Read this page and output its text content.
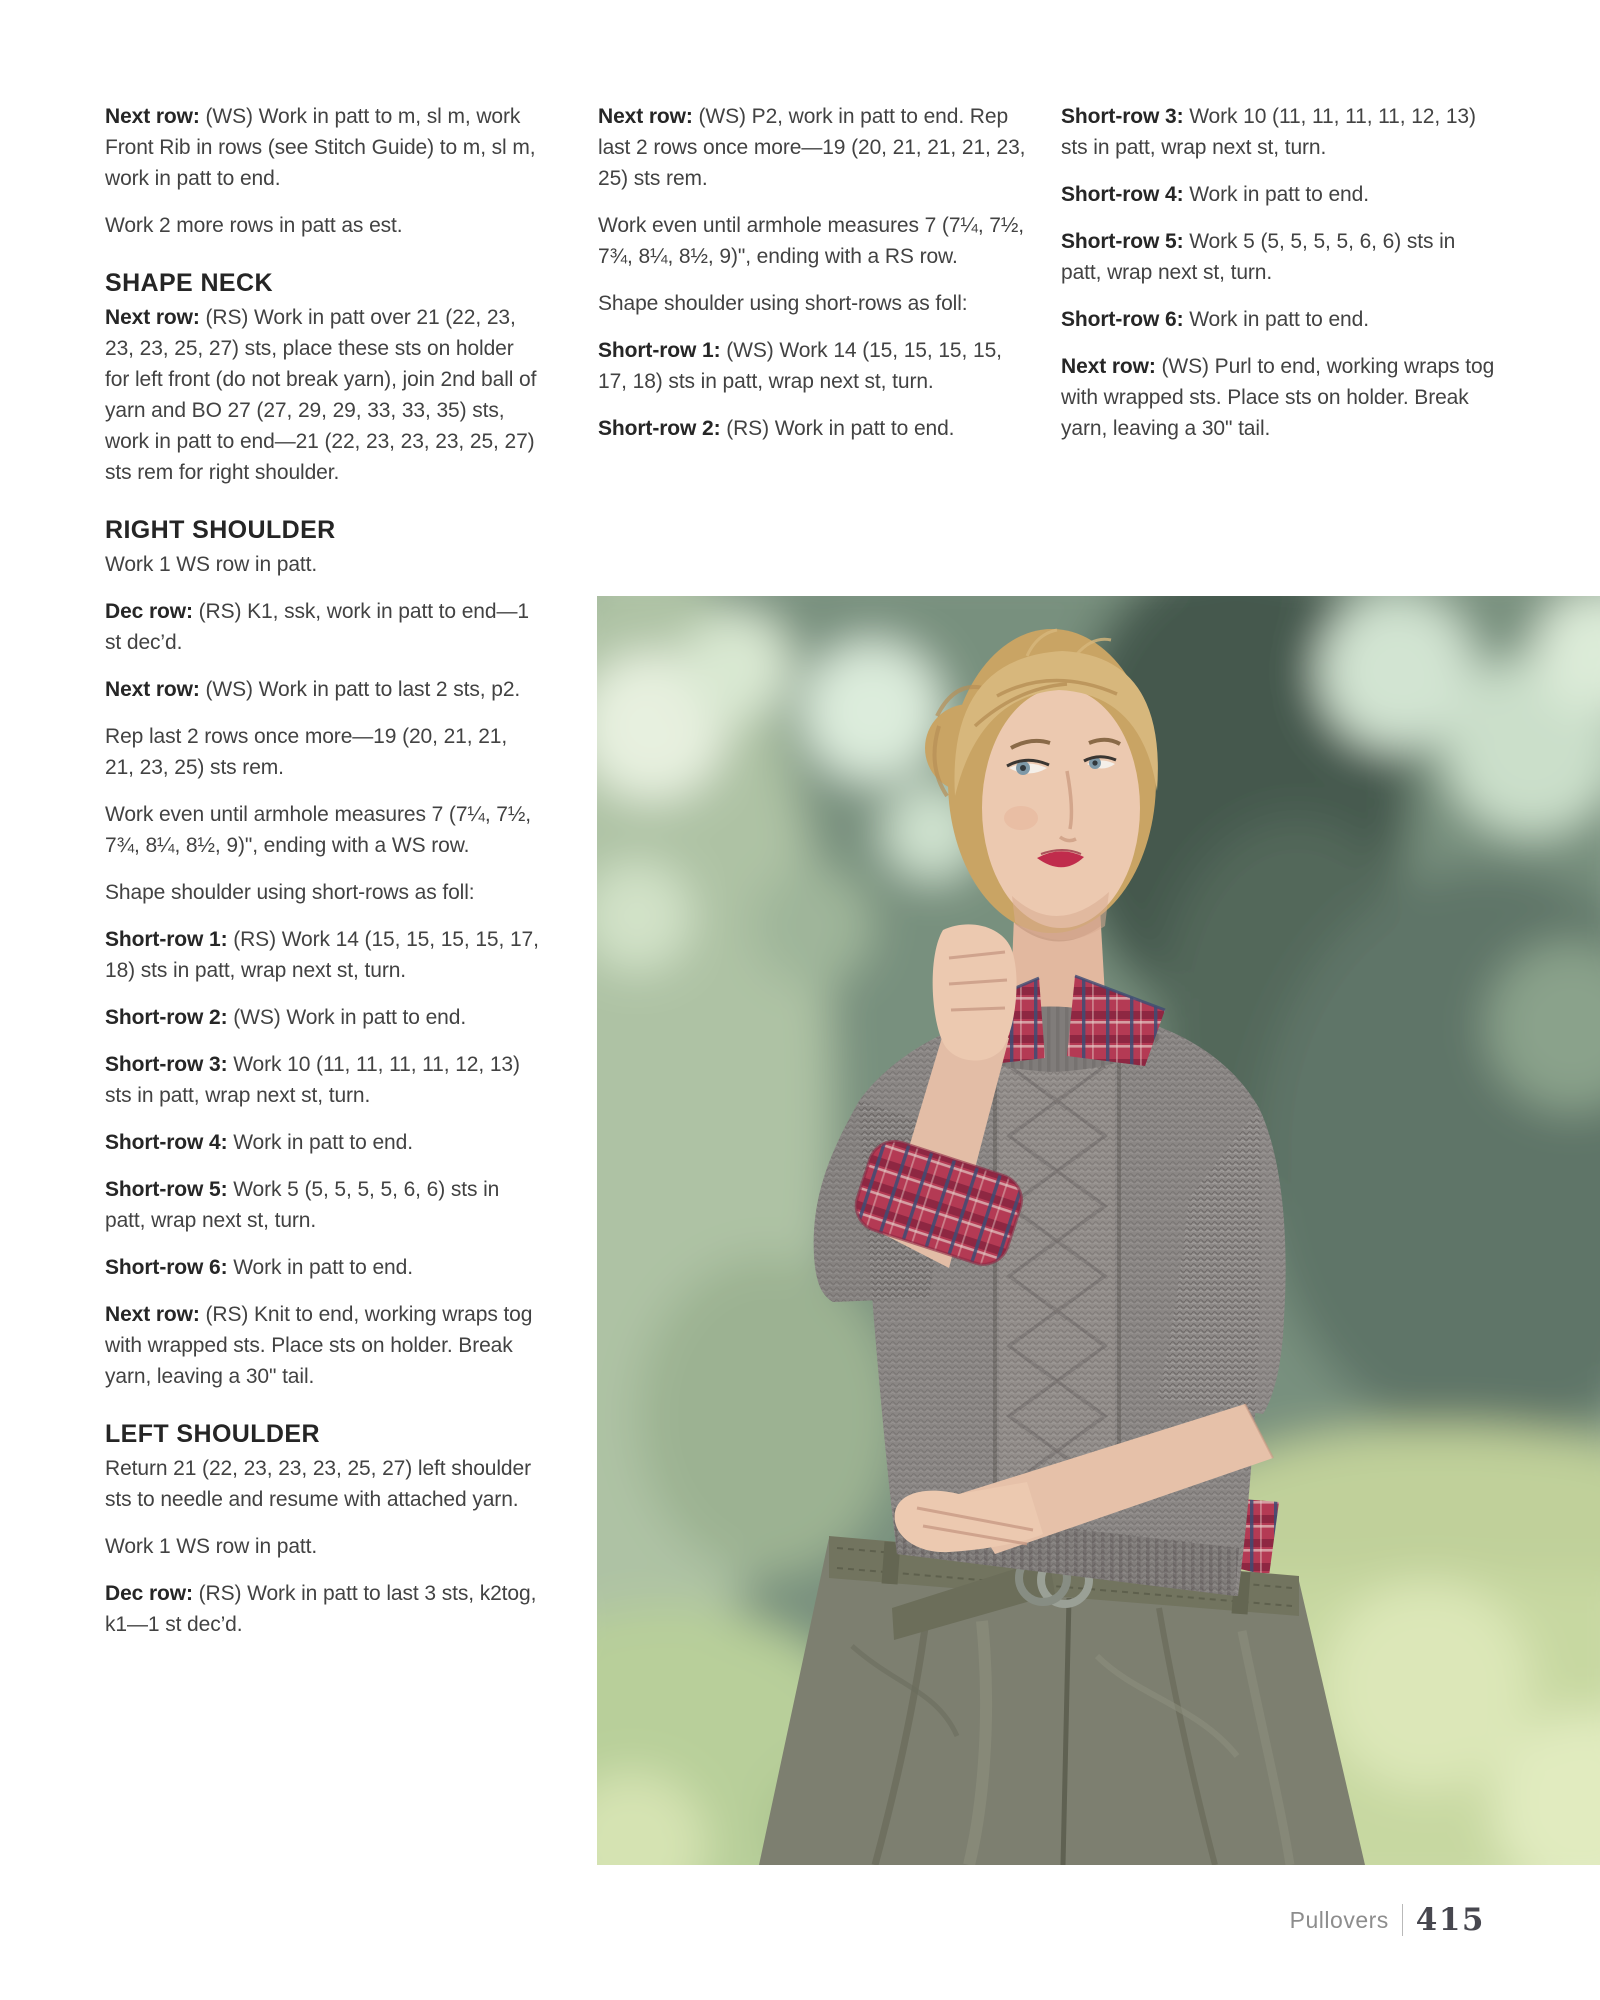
Next row: (WS) Work in patt to m, sl m, work Front Rib in rows (see Stitch Guide) to m, sl m, work in patt to end.

Work 2 more rows in patt as est.

SHAPE NECK

Next row: (RS) Work in patt over 21 (22, 23, 23, 23, 25, 27) sts, place these sts on holder for left front (do not break yarn), join 2nd ball of yarn and BO 27 (27, 29, 29, 33, 33, 35) sts, work in patt to end—21 (22, 23, 23, 23, 25, 27) sts rem for right shoulder.

RIGHT SHOULDER

Work 1 WS row in patt.

Dec row: (RS) K1, ssk, work in patt to end—1 st dec’d.

Next row: (WS) Work in patt to last 2 sts, p2.

Rep last 2 rows once more—19 (20, 21, 21, 21, 23, 25) sts rem.

Work even until armhole measures 7 (7¼, 7½, 7¾, 8¼, 8½, 9)", ending with a WS row.

Shape shoulder using short-rows as foll:

Short-row 1: (RS) Work 14 (15, 15, 15, 15, 17, 18) sts in patt, wrap next st, turn.

Short-row 2: (WS) Work in patt to end.

Short-row 3: Work 10 (11, 11, 11, 11, 12, 13) sts in patt, wrap next st, turn.

Short-row 4: Work in patt to end.

Short-row 5: Work 5 (5, 5, 5, 5, 6, 6) sts in patt, wrap next st, turn.

Short-row 6: Work in patt to end.

Next row: (RS) Knit to end, working wraps tog with wrapped sts. Place sts on holder. Break yarn, leaving a 30" tail.

LEFT SHOULDER

Return 21 (22, 23, 23, 23, 25, 27) left shoulder sts to needle and resume with attached yarn.

Work 1 WS row in patt.

Dec row: (RS) Work in patt to last 3 sts, k2tog, k1—1 st dec’d.

Next row: (WS) P2, work in patt to end. Rep last 2 rows once more—19 (20, 21, 21, 21, 23, 25) sts rem.

Work even until armhole measures 7 (7¼, 7½, 7¾, 8¼, 8½, 9)", ending with a RS row.

Shape shoulder using short-rows as foll:

Short-row 1: (WS) Work 14 (15, 15, 15, 15, 17, 18) sts in patt, wrap next st, turn.

Short-row 2: (RS) Work in patt to end.

Short-row 3: Work 10 (11, 11, 11, 11, 12, 13) sts in patt, wrap next st, turn.

Short-row 4: Work in patt to end.

Short-row 5: Work 5 (5, 5, 5, 5, 6, 6) sts in patt, wrap next st, turn.

Short-row 6: Work in patt to end.

Next row: (WS) Purl to end, working wraps tog with wrapped sts. Place sts on holder. Break yarn, leaving a 30" tail.

Pullovers 415
